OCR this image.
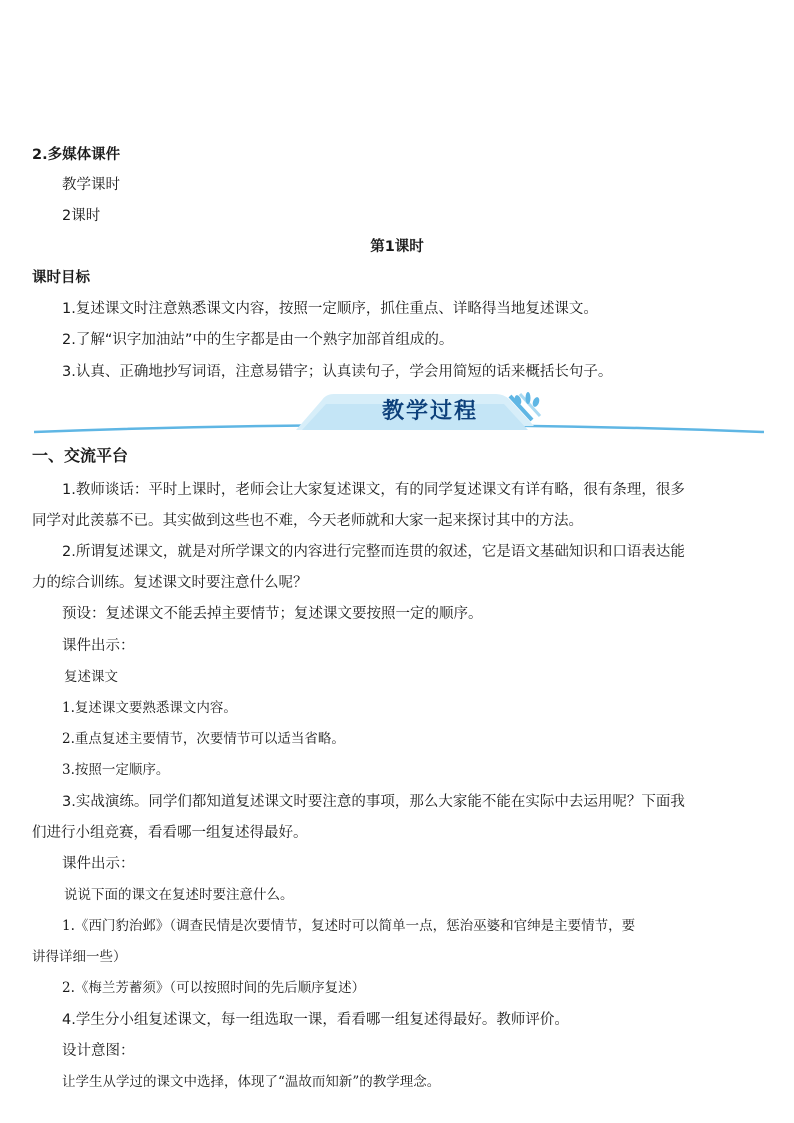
2.多媒体课件
教学课时
2课时
第1课时
课时目标
1.复述课文时注意熟悉课文内容，按照一定顺序，抓住重点、详略得当地复述课文。
2.了解“识字加油站”中的生字都是由一个熟字加部首组成的。
3.认真、正确地抄写词语，注意易错字；认真读句子，学会用简短的话来概括长句子。
教学过程
一、交流平台
1.教师谈话：平时上课时，老师会让大家复述课文，有的同学复述课文有详有略，很有条理，很多
同学对此羡慕不已。其实做到这些也不难，今天老师就和大家一起来探讨其中的方法。
2.所谓复述课文，就是对所学课文的内容进行完整而连贯的叙述，它是语文基础知识和口语表达能
力的综合训练。复述课文时要注意什么呢？
预设：复述课文不能丢掉主要情节；复述课文要按照一定的顺序。
课件出示：
复述课文
1.复述课文要熟悉课文内容。
2.重点复述主要情节，次要情节可以适当省略。
3.按照一定顺序。
3.实战演练。同学们都知道复述课文时要注意的事项，那么大家能不能在实际中去运用呢？下面我
们进行小组竞赛，看看哪一组复述得最好。
课件出示：
说说下面的课文在复述时要注意什么。
1.《西门豹治邺》（调查民情是次要情节，复述时可以简单一点，惩治巫婆和官绅是主要情节，要
讲得详细一些）
2.《梅兰芳蓄须》（可以按照时间的先后顺序复述）
4.学生分小组复述课文，每一组选取一课，看看哪一组复述得最好。教师评价。
设计意图：
让学生从学过的课文中选择，体现了“温故而知新”的教学理念。
